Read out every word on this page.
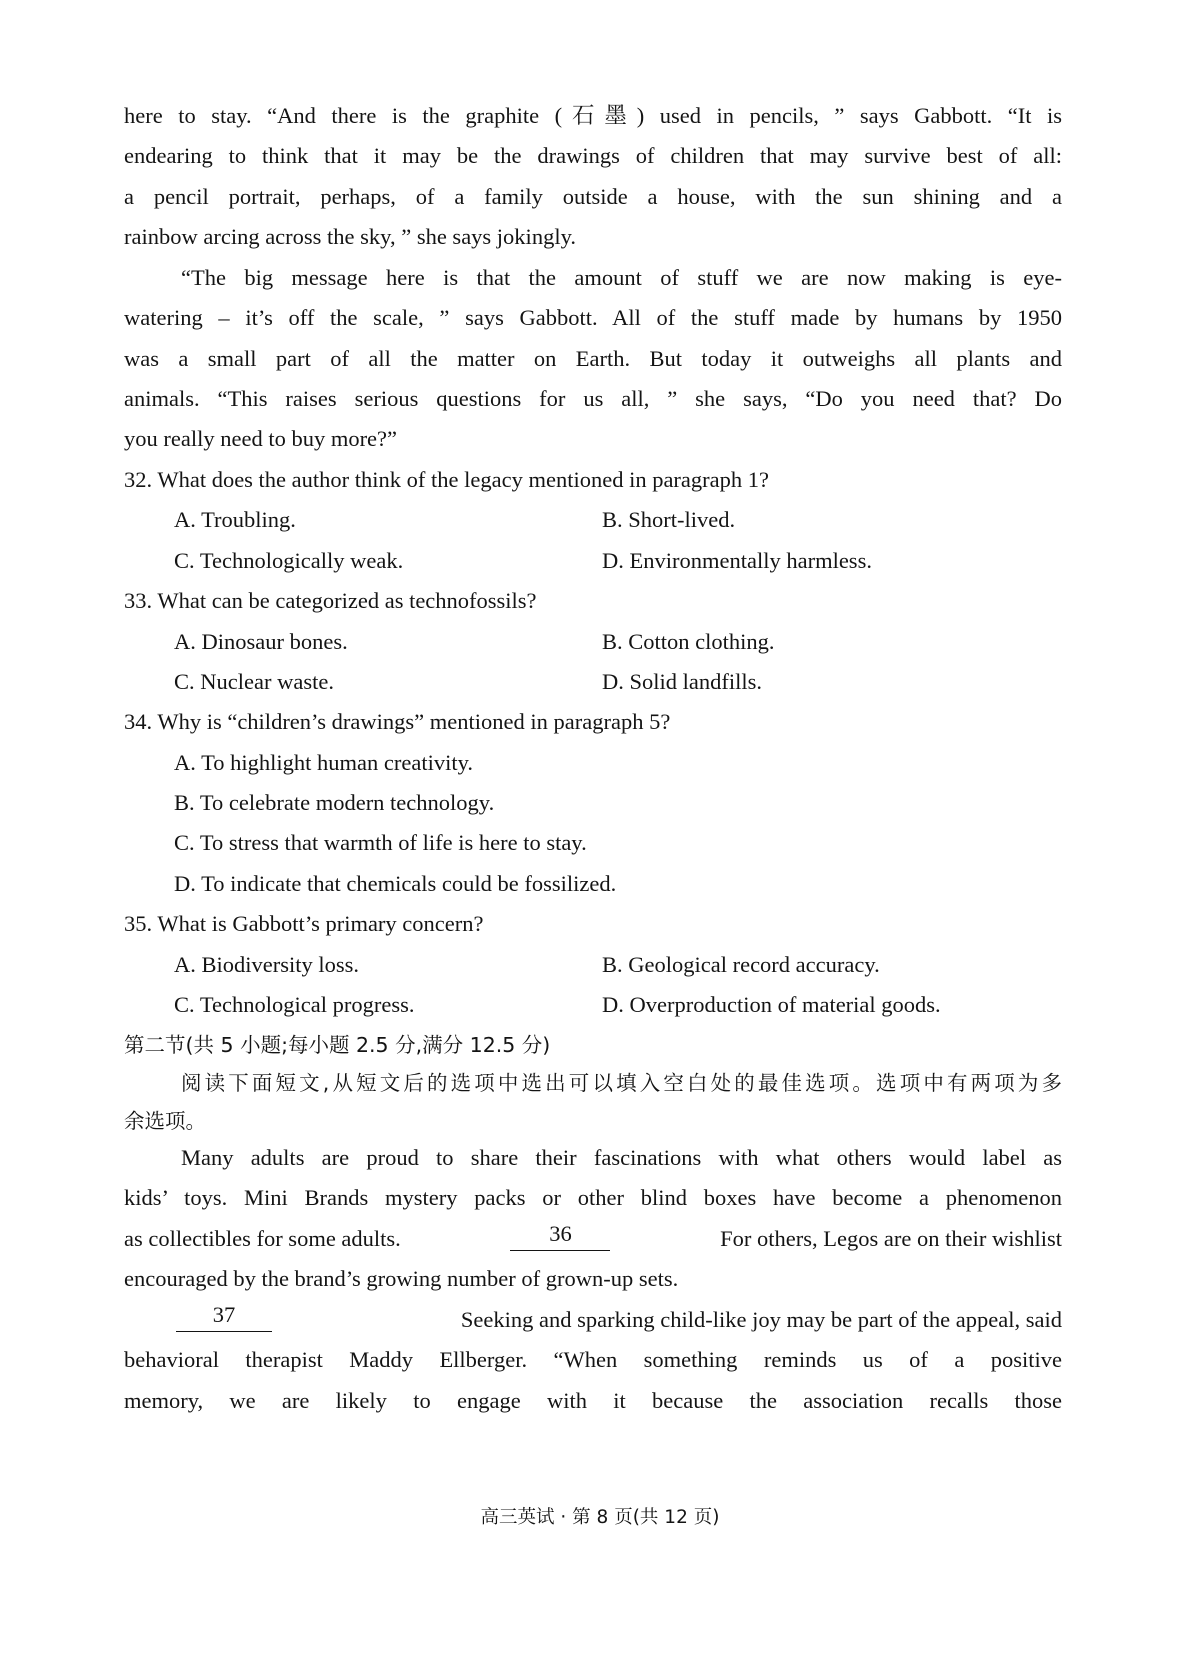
here to stay. “And there is the graphite (石墨) used in pencils, ” says Gabbott. “It is

endearing to think that it may be the drawings of children that may survive best of all:

a pencil portrait, perhaps, of a family outside a house, with the sun shining and a

rainbow arcing across the sky, ” she says jokingly.

“The big message here is that the amount of stuff we are now making is eye-

watering – it’s off the scale, ” says Gabbott. All of the stuff made by humans by 1950

was a small part of all the matter on Earth. But today it outweighs all plants and

animals. “This raises serious questions for us all, ” she says, “Do you need that? Do

you really need to buy more?”

32. What does the author think of the legacy mentioned in paragraph 1?

A. Troubling.	B. Short-lived.

C. Technologically weak.	D. Environmentally harmless.

33. What can be categorized as technofossils?

A. Dinosaur bones.	B. Cotton clothing.

C. Nuclear waste.	D. Solid landfills.

34. Why is “children’s drawings” mentioned in paragraph 5?

A. To highlight human creativity.

B. To celebrate modern technology.

C. To stress that warmth of life is here to stay.

D. To indicate that chemicals could be fossilized.

35. What is Gabbott’s primary concern?

A. Biodiversity loss.	B. Geological record accuracy.

C. Technological progress.	D. Overproduction of material goods.

第二节(共 5 小题;每小题 2.5 分,满分 12.5 分)

阅读下面短文,从短文后的选项中选出可以填入空白处的最佳选项。选项中有两项为多

余选项。

Many adults are proud to share their fascinations with what others would label as

kids’ toys. Mini Brands mystery packs or other blind boxes have become a phenomenon

as collectibles for some adults.	36	For others, Legos are on their wishlist

encouraged by the brand’s growing number of grown-up sets.

37	Seeking and sparking child-like joy may be part of the appeal, said

behavioral therapist Maddy Ellberger. “When something reminds us of a positive

memory, we are likely to engage with it because the association recalls those

高三英试 · 第 8 页(共 12 页)
